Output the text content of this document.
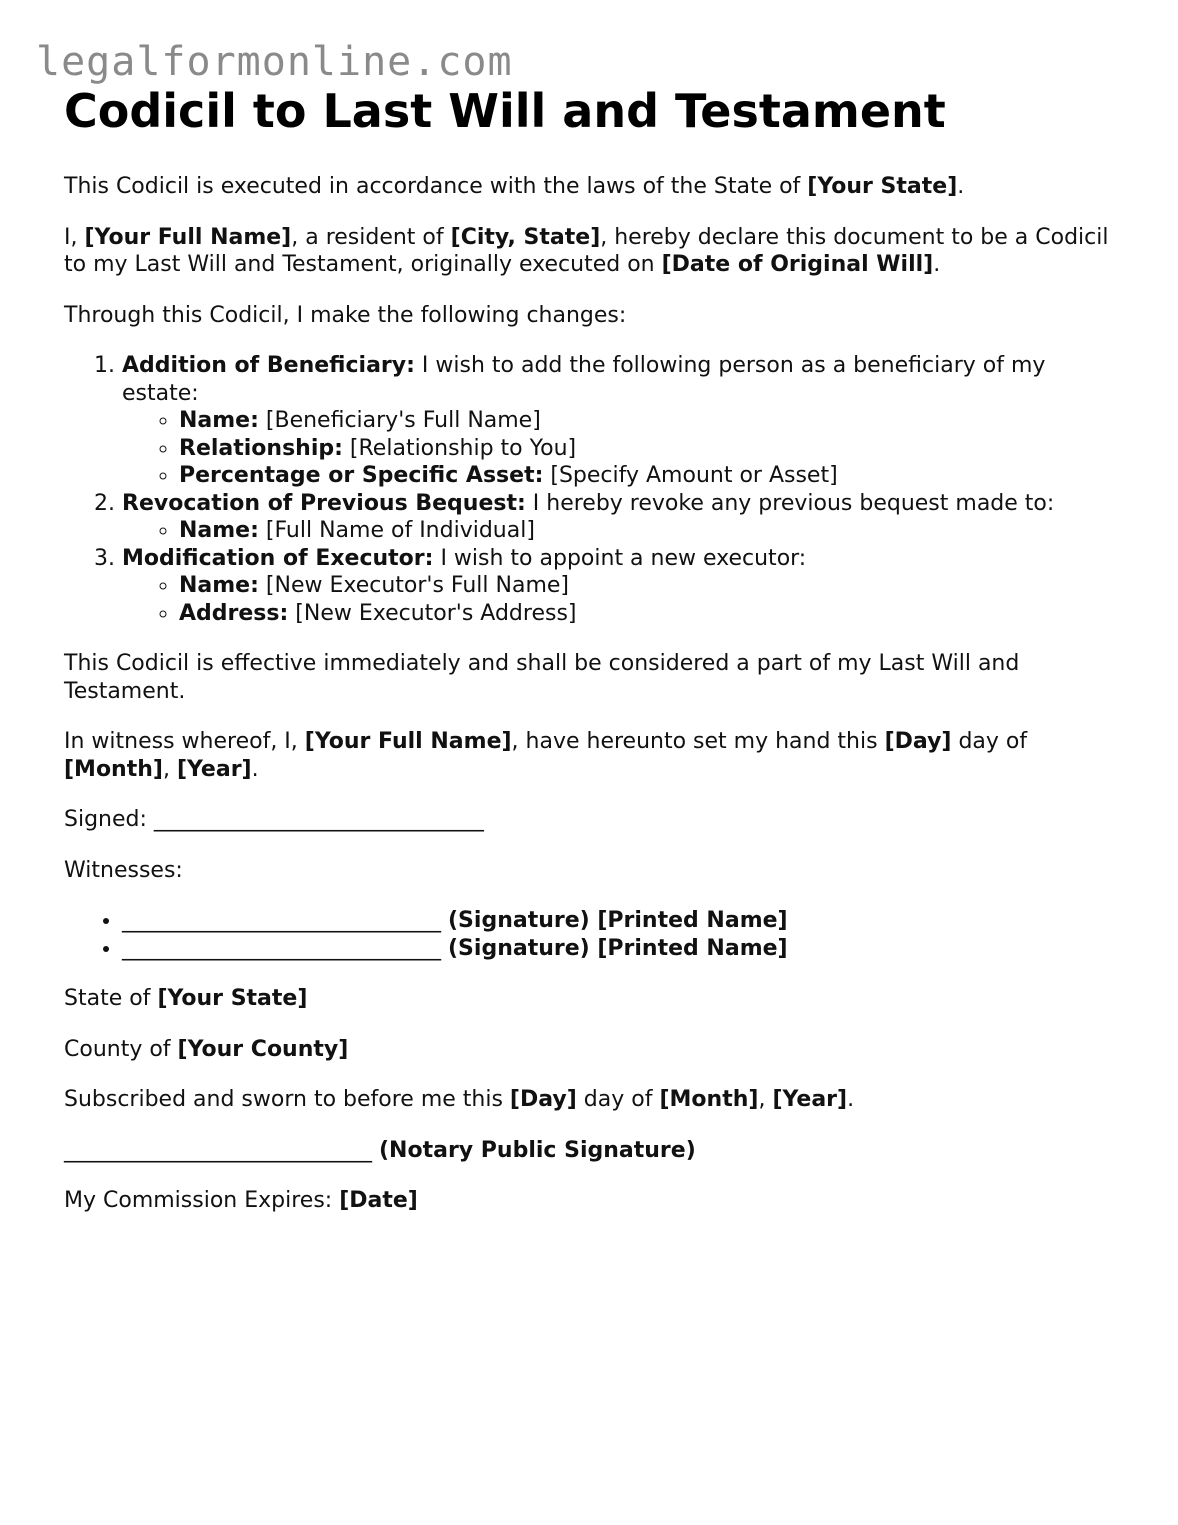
legalformonline.com
Codicil to Last Will and Testament

This Codicil is executed in accordance with the laws of the State of [Your State].

I, [Your Full Name], a resident of [City, State], hereby declare this document to be a Codicil to my Last Will and Testament, originally executed on [Date of Original Will].

Through this Codicil, I make the following changes:

1. Addition of Beneficiary: I wish to add the following person as a beneficiary of my estate:
◦ Name: [Beneficiary's Full Name]
◦ Relationship: [Relationship to You]
◦ Percentage or Specific Asset: [Specify Amount or Asset]
2. Revocation of Previous Bequest: I hereby revoke any previous bequest made to:
◦ Name: [Full Name of Individual]
3. Modification of Executor: I wish to appoint a new executor:
◦ Name: [New Executor's Full Name]
◦ Address: [New Executor's Address]

This Codicil is effective immediately and shall be considered a part of my Last Will and Testament.

In witness whereof, I, [Your Full Name], have hereunto set my hand this [Day] day of [Month], [Year].

Signed: ______________________________

Witnesses:

• _____________________________ (Signature) [Printed Name]
• _____________________________ (Signature) [Printed Name]

State of [Your State]

County of [Your County]

Subscribed and sworn to before me this [Day] day of [Month], [Year].

____________________________ (Notary Public Signature)

My Commission Expires: [Date]
